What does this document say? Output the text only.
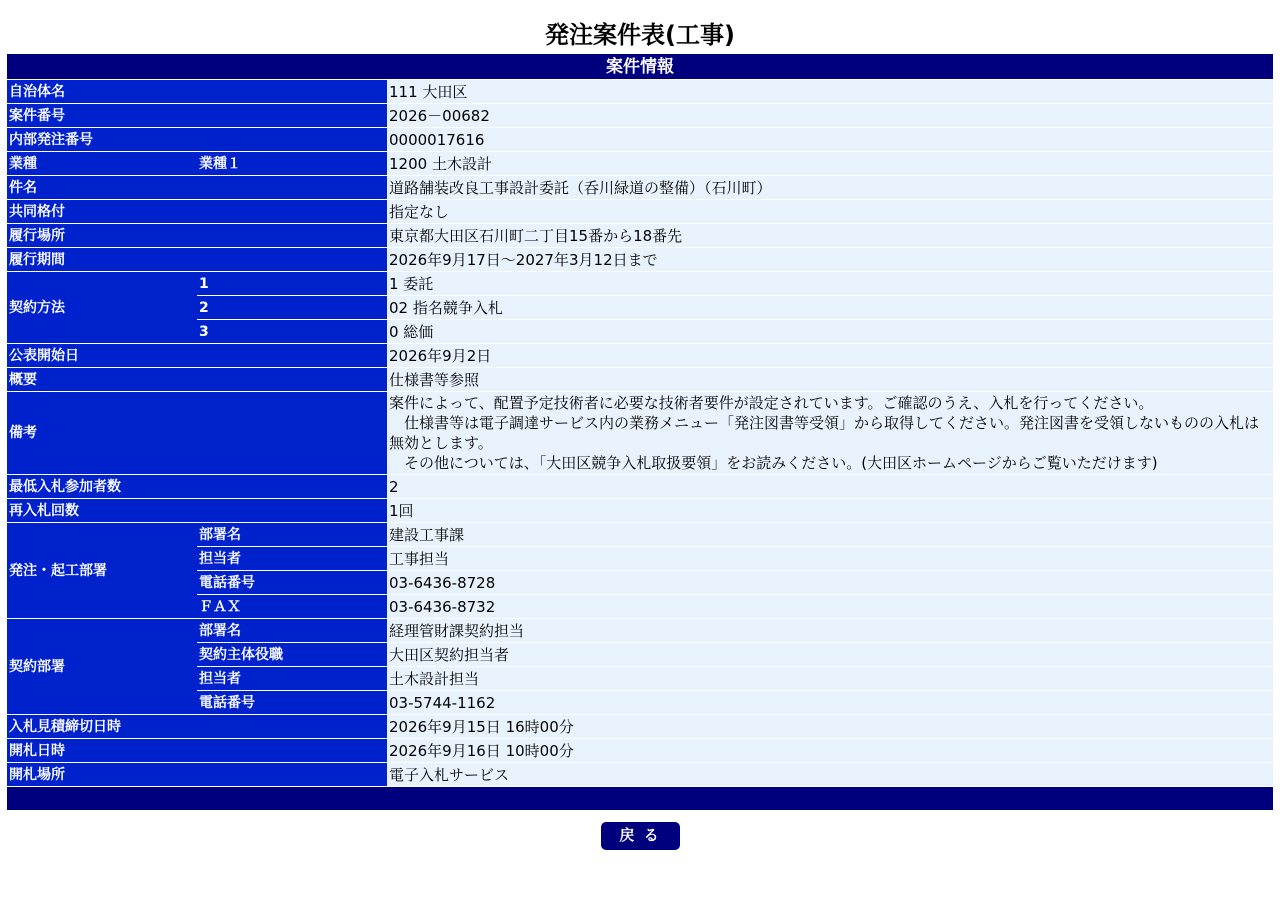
発注案件表(工事)
案件情報		
自治体名		111 大田区
案件番号		2026－00682
内部発注番号		0000017616
業種	業種１	1200 土木設計
件名		道路舗装改良工事設計委託（呑川緑道の整備）（石川町）
共同格付		指定なし
履行場所		東京都大田区石川町二丁目15番から18番先
履行期間		2026年9月17日～2027年3月12日まで
契約方法	1	1 委託
	2	02 指名競争入札
	3	0 総価
公表開始日		2026年9月2日
概要		仕様書等参照
備考		案件によって、配置予定技術者に必要な技術者要件が設定されています。ご確認のうえ、入札を行ってください。
　仕様書等は電子調達サービス内の業務メニュー「発注図書等受領」から取得してください。発注図書を受領しないものの入札は無効とします。
　その他については、「大田区競争入札取扱要領」をお読みください。(大田区ホームページからご覧いただけます)

最低入札参加者数		2
再入札回数		1回
発注・起工部署	部署名	建設工事課
	担当者	工事担当
	電話番号	03-6436-8728
	ＦＡＸ	03-6436-8732
契約部署	部署名	経理管財課契約担当
	契約主体役職	大田区契約担当者
	担当者	土木設計担当
	電話番号	03-5744-1162
入札見積締切日時		2026年9月15日 16時00分
開札日時		2026年9月16日 10時00分
開札場所		電子入札サービス

戻 る
